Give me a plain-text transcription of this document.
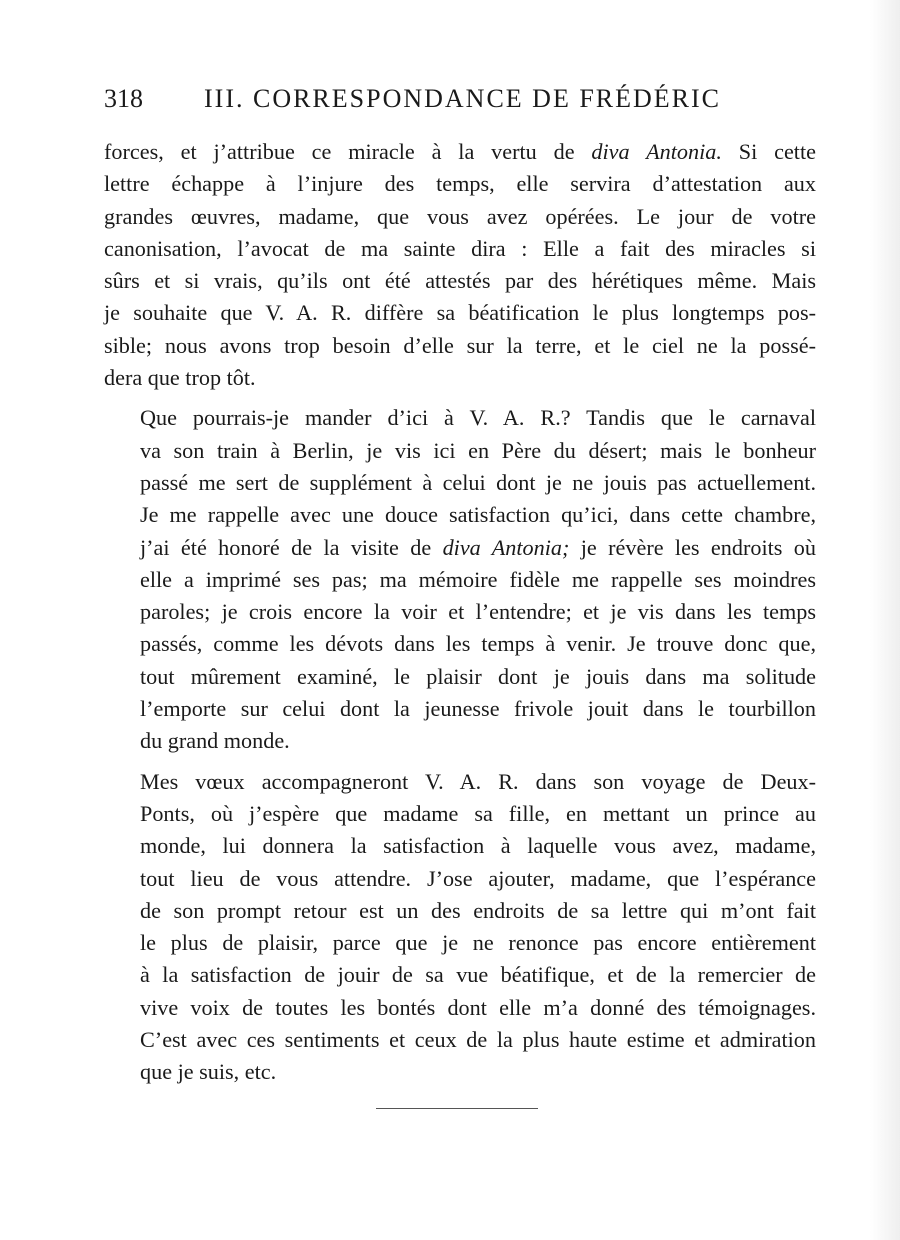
318 III. CORRESPONDANCE DE FRÉDÉRIC

forces, et j’attribue ce miracle à la vertu de diva Antonia. Si cette
lettre échappe à l’injure des temps, elle servira d’attestation aux
grandes œuvres, madame, que vous avez opérées. Le jour de votre
canonisation, l’avocat de ma sainte dira : Elle a fait des miracles si
sûrs et si vrais, qu’ils ont été attestés par des hérétiques même. Mais
je souhaite que V. A. R. diffère sa béatification le plus longtemps pos-
sible; nous avons trop besoin d’elle sur la terre, et le ciel ne la possé-
dera que trop tôt.

Que pourrais-je mander d’ici à V. A. R.? Tandis que le carnaval
va son train à Berlin, je vis ici en Père du désert; mais le bonheur
passé me sert de supplément à celui dont je ne jouis pas actuellement.
Je me rappelle avec une douce satisfaction qu’ici, dans cette chambre,
j’ai été honoré de la visite de diva Antonia; je révère les endroits où
elle a imprimé ses pas; ma mémoire fidèle me rappelle ses moindres
paroles; je crois encore la voir et l’entendre; et je vis dans les temps
passés, comme les dévots dans les temps à venir. Je trouve donc que,
tout mûrement examiné, le plaisir dont je jouis dans ma solitude
l’emporte sur celui dont la jeunesse frivole jouit dans le tourbillon
du grand monde.

Mes vœux accompagneront V. A. R. dans son voyage de Deux-
Ponts, où j’espère que madame sa fille, en mettant un prince au
monde, lui donnera la satisfaction à laquelle vous avez, madame,
tout lieu de vous attendre. J’ose ajouter, madame, que l’espérance
de son prompt retour est un des endroits de sa lettre qui m’ont fait
le plus de plaisir, parce que je ne renonce pas encore entièrement
à la satisfaction de jouir de sa vue béatifique, et de la remercier de
vive voix de toutes les bontés dont elle m’a donné des témoignages.
C’est avec ces sentiments et ceux de la plus haute estime et admiration
que je suis, etc.
